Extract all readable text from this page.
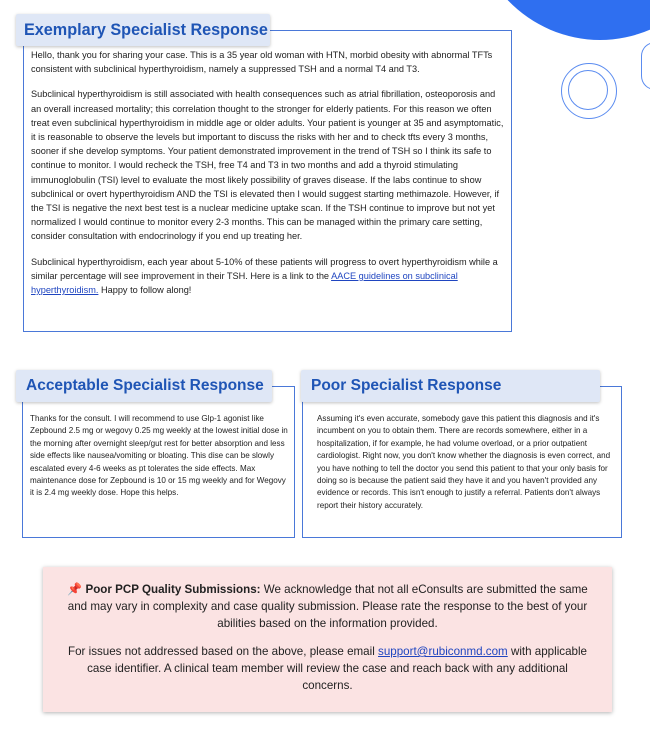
Exemplary Specialist Response

Hello, thank you for sharing your case. This is a 35 year old woman with HTN, morbid obesity with abnormal TFTs consistent with subclinical hyperthyroidism, namely a suppressed TSH and a normal T4 and T3.

Subclinical hyperthyroidism is still associated with health consequences such as atrial fibrillation, osteoporosis and an overall increased mortality; this correlation thought to the stronger for elderly patients. For this reason we often treat even subclinical hyperthyroidism in middle age or older adults. Your patient is younger at 35 and asymptomatic, it is reasonable to observe the levels but important to discuss the risks with her and to check tfts every 3 months, sooner if she develop symptoms. Your patient demonstrated improvement in the trend of TSH so I think its safe to continue to monitor. I would recheck the TSH, free T4 and T3 in two months and add a thyroid stimulating immunoglobulin (TSI) level to evaluate the most likely possibility of graves disease. If the labs continue to show subclinical or overt hyperthyroidism AND the TSI is elevated then I would suggest starting methimazole. However, if the TSI is negative the next best test is a nuclear medicine uptake scan. If the TSH continue to improve but not yet normalized I would continue to monitor every 2-3 months. This can be managed within the primary care setting, consider consultation with endocrinology if you end up treating her.

Subclinical hyperthyroidism, each year about 5-10% of these patients will progress to overt hyperthyroidism while a similar percentage will see improvement in their TSH. Here is a link to the AACE guidelines on subclinical hyperthyroidism. Happy to follow along!

Acceptable Specialist Response
Thanks for the consult. I will recommend to use Glp-1 agonist like Zepbound 2.5 mg or wegovy 0.25 mg weekly at the lowest initial dose in the morning after overnight sleep/gut rest for better absorption and less side effects like nausea/vomiting or bloating. This dise can be slowly escalated every 4-6 weeks as pt tolerates the side effects. Max maintenance dose for Zepbound is 10 or 15 mg weekly and for Wegovy it is 2.4 mg weekly dose. Hope this helps.
Poor Specialist Response
Assuming it's even accurate, somebody gave this patient this diagnosis and it's incumbent on you to obtain them. There are records somewhere, either in a hospitalization, if for example, he had volume overload, or a prior outpatient cardiologist. Right now, you don't know whether the diagnosis is even correct, and you have nothing to tell the doctor you send this patient to that your only basis for doing so is because the patient said they have it and you haven't provided any evidence or records. This isn't enough to justify a referral. Patients don't always report their history accurately.

📌 Poor PCP Quality Submissions: We acknowledge that not all eConsults are submitted the same and may vary in complexity and case quality submission. Please rate the response to the best of your abilities based on the information provided.

For issues not addressed based on the above, please email support@rubiconmd.com with applicable case identifier. A clinical team member will review the case and reach back with any additional concerns.
